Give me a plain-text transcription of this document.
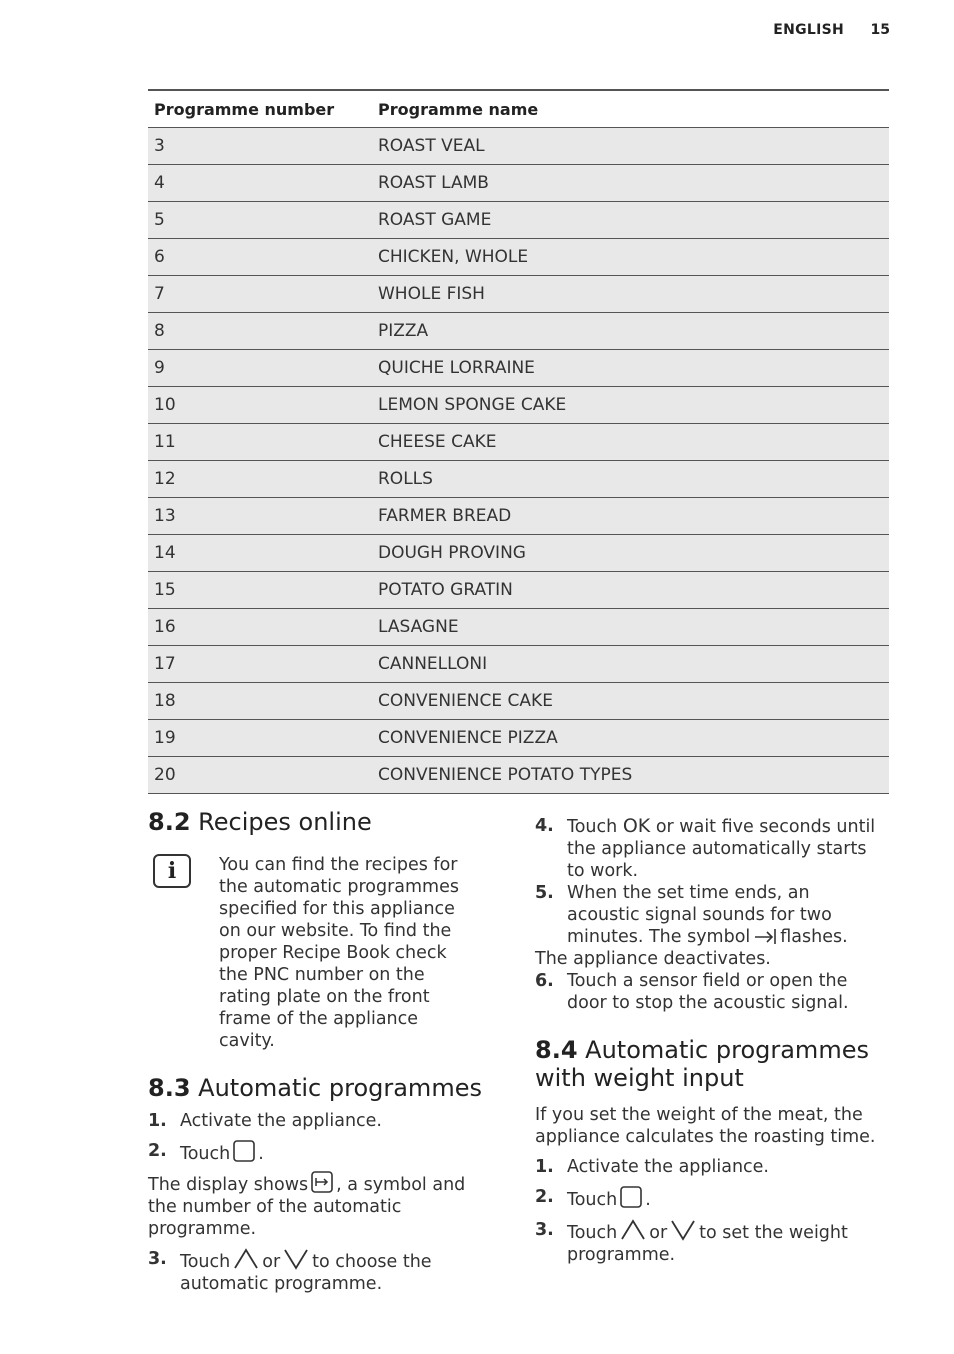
ENGLISH 15
Programme number	Programme name
3	ROAST VEAL
4	ROAST LAMB
5	ROAST GAME
6	CHICKEN, WHOLE
7	WHOLE FISH
8	PIZZA
9	QUICHE LORRAINE
10	LEMON SPONGE CAKE
11	CHEESE CAKE
12	ROLLS
13	FARMER BREAD
14	DOUGH PROVING
15	POTATO GRATIN
16	LASAGNE
17	CANNELLONI
18	CONVENIENCE CAKE
19	CONVENIENCE PIZZA
20	CONVENIENCE POTATO TYPES
8.2 Recipes online
i	You can find the recipes for the automatic programmes specified for this appliance on our website. To find the proper Recipe Book check the PNC number on the rating plate on the front frame of the appliance cavity.
8.3 Automatic programmes
1. Activate the appliance.
2. Touch .
The display shows , a symbol and the number of the automatic programme.
3. Touch or to choose the automatic programme.
4. Touch OK or wait five seconds until the appliance automatically starts to work.
5. When the set time ends, an acoustic signal sounds for two minutes. The symbol flashes.
The appliance deactivates.
6. Touch a sensor field or open the door to stop the acoustic signal.
8.4 Automatic programmes with weight input
If you set the weight of the meat, the appliance calculates the roasting time.
1. Activate the appliance.
2. Touch .
3. Touch or to set the weight programme.
